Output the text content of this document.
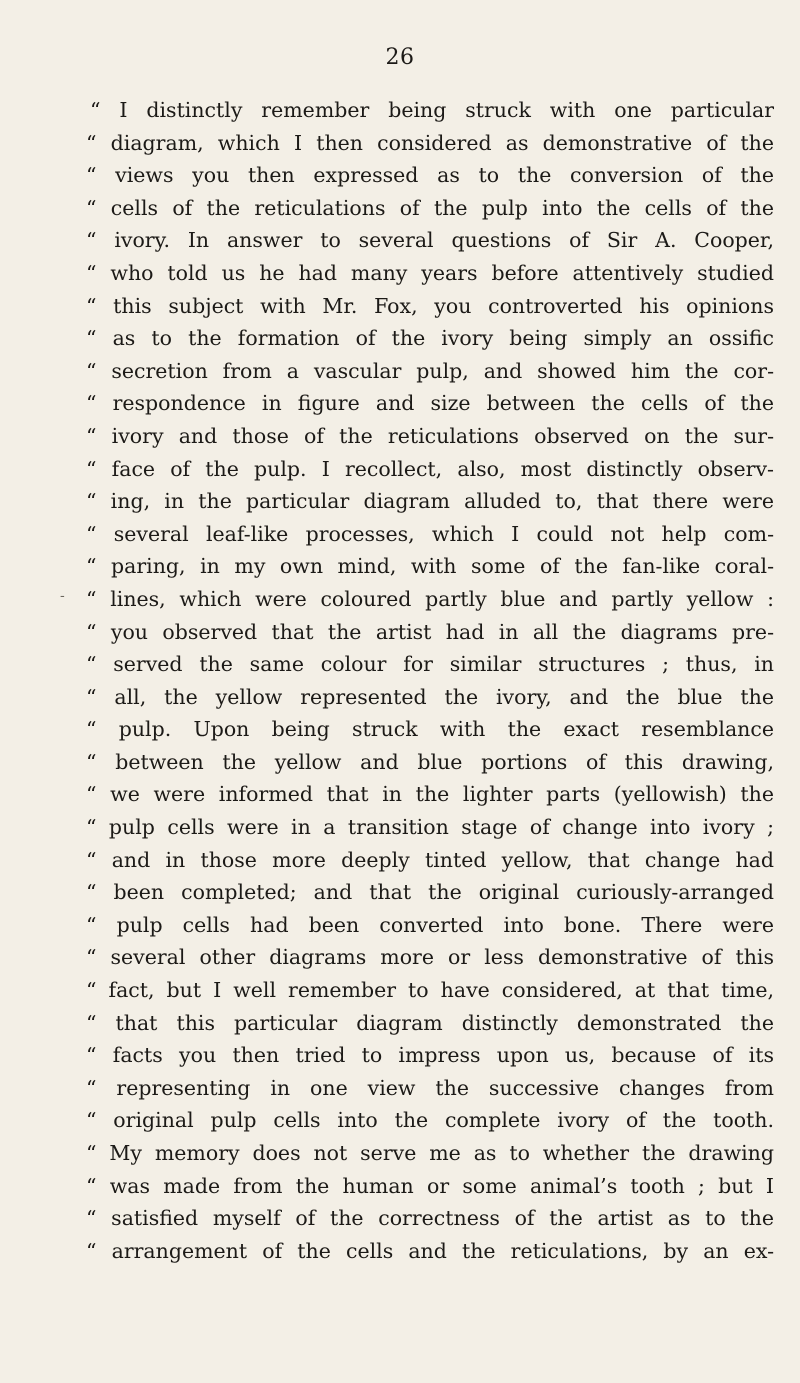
26
-
“ I distinctly remember being struck with one particular
“ diagram, which I then considered as demonstrative of the
“ views you then expressed as to the conversion of the
“ cells of the reticulations of the pulp into the cells of the
“ ivory. In answer to several questions of Sir A. Cooper,
“ who told us he had many years before attentively studied
“ this subject with Mr. Fox, you controverted his opinions
“ as to the formation of the ivory being simply an ossific
“ secretion from a vascular pulp, and showed him the cor-
“ respondence in figure and size between the cells of the
“ ivory and those of the reticulations observed on the sur-
“ face of the pulp. I recollect, also, most distinctly observ-
“ ing, in the particular diagram alluded to, that there were
“ several leaf-like processes, which I could not help com-
“ paring, in my own mind, with some of the fan-like coral-
“ lines, which were coloured partly blue and partly yellow :
“ you observed that the artist had in all the diagrams pre-
“ served the same colour for similar structures ; thus, in
“ all, the yellow represented the ivory, and the blue the
“ pulp. Upon being struck with the exact resemblance
“ between the yellow and blue portions of this drawing,
“ we were informed that in the lighter parts (yellowish) the
“ pulp cells were in a transition stage of change into ivory ;
“ and in those more deeply tinted yellow, that change had
“ been completed; and that the original curiously-arranged
“ pulp cells had been converted into bone. There were
“ several other diagrams more or less demonstrative of this
“ fact, but I well remember to have considered, at that time,
“ that this particular diagram distinctly demonstrated the
“ facts you then tried to impress upon us, because of its
“ representing in one view the successive changes from
“ original pulp cells into the complete ivory of the tooth.
“ My memory does not serve me as to whether the drawing
“ was made from the human or some animal’s tooth ; but I
“ satisfied myself of the correctness of the artist as to the
“ arrangement of the cells and the reticulations, by an ex-
